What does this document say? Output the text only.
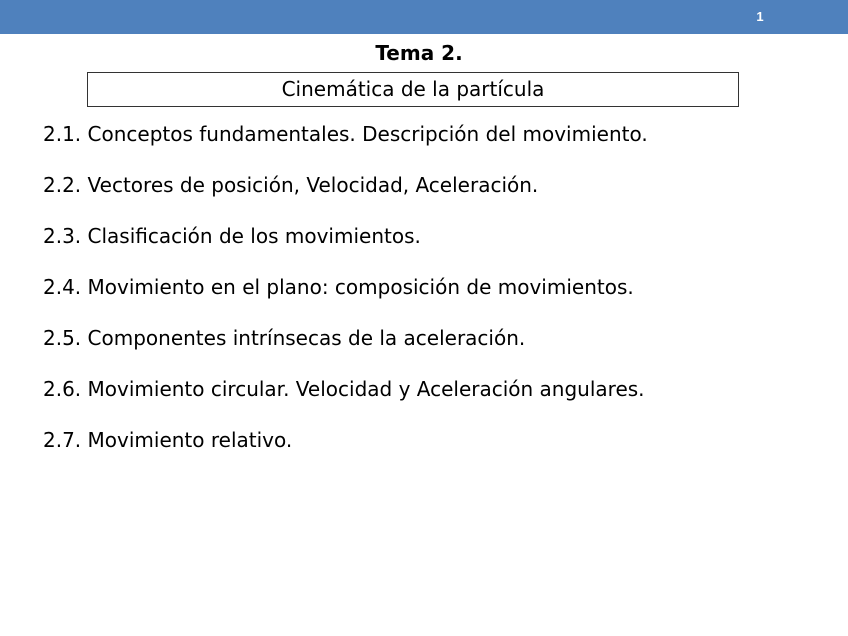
1
Tema 2.
Cinemática de la partícula
2.1. Conceptos fundamentales. Descripción del movimiento.
2.2. Vectores de posición, Velocidad, Aceleración.
2.3. Clasificación de los movimientos.
2.4. Movimiento en el plano: composición de movimientos.
2.5. Componentes intrínsecas de la aceleración.
2.6. Movimiento circular. Velocidad y Aceleración angulares.
2.7. Movimiento relativo.
